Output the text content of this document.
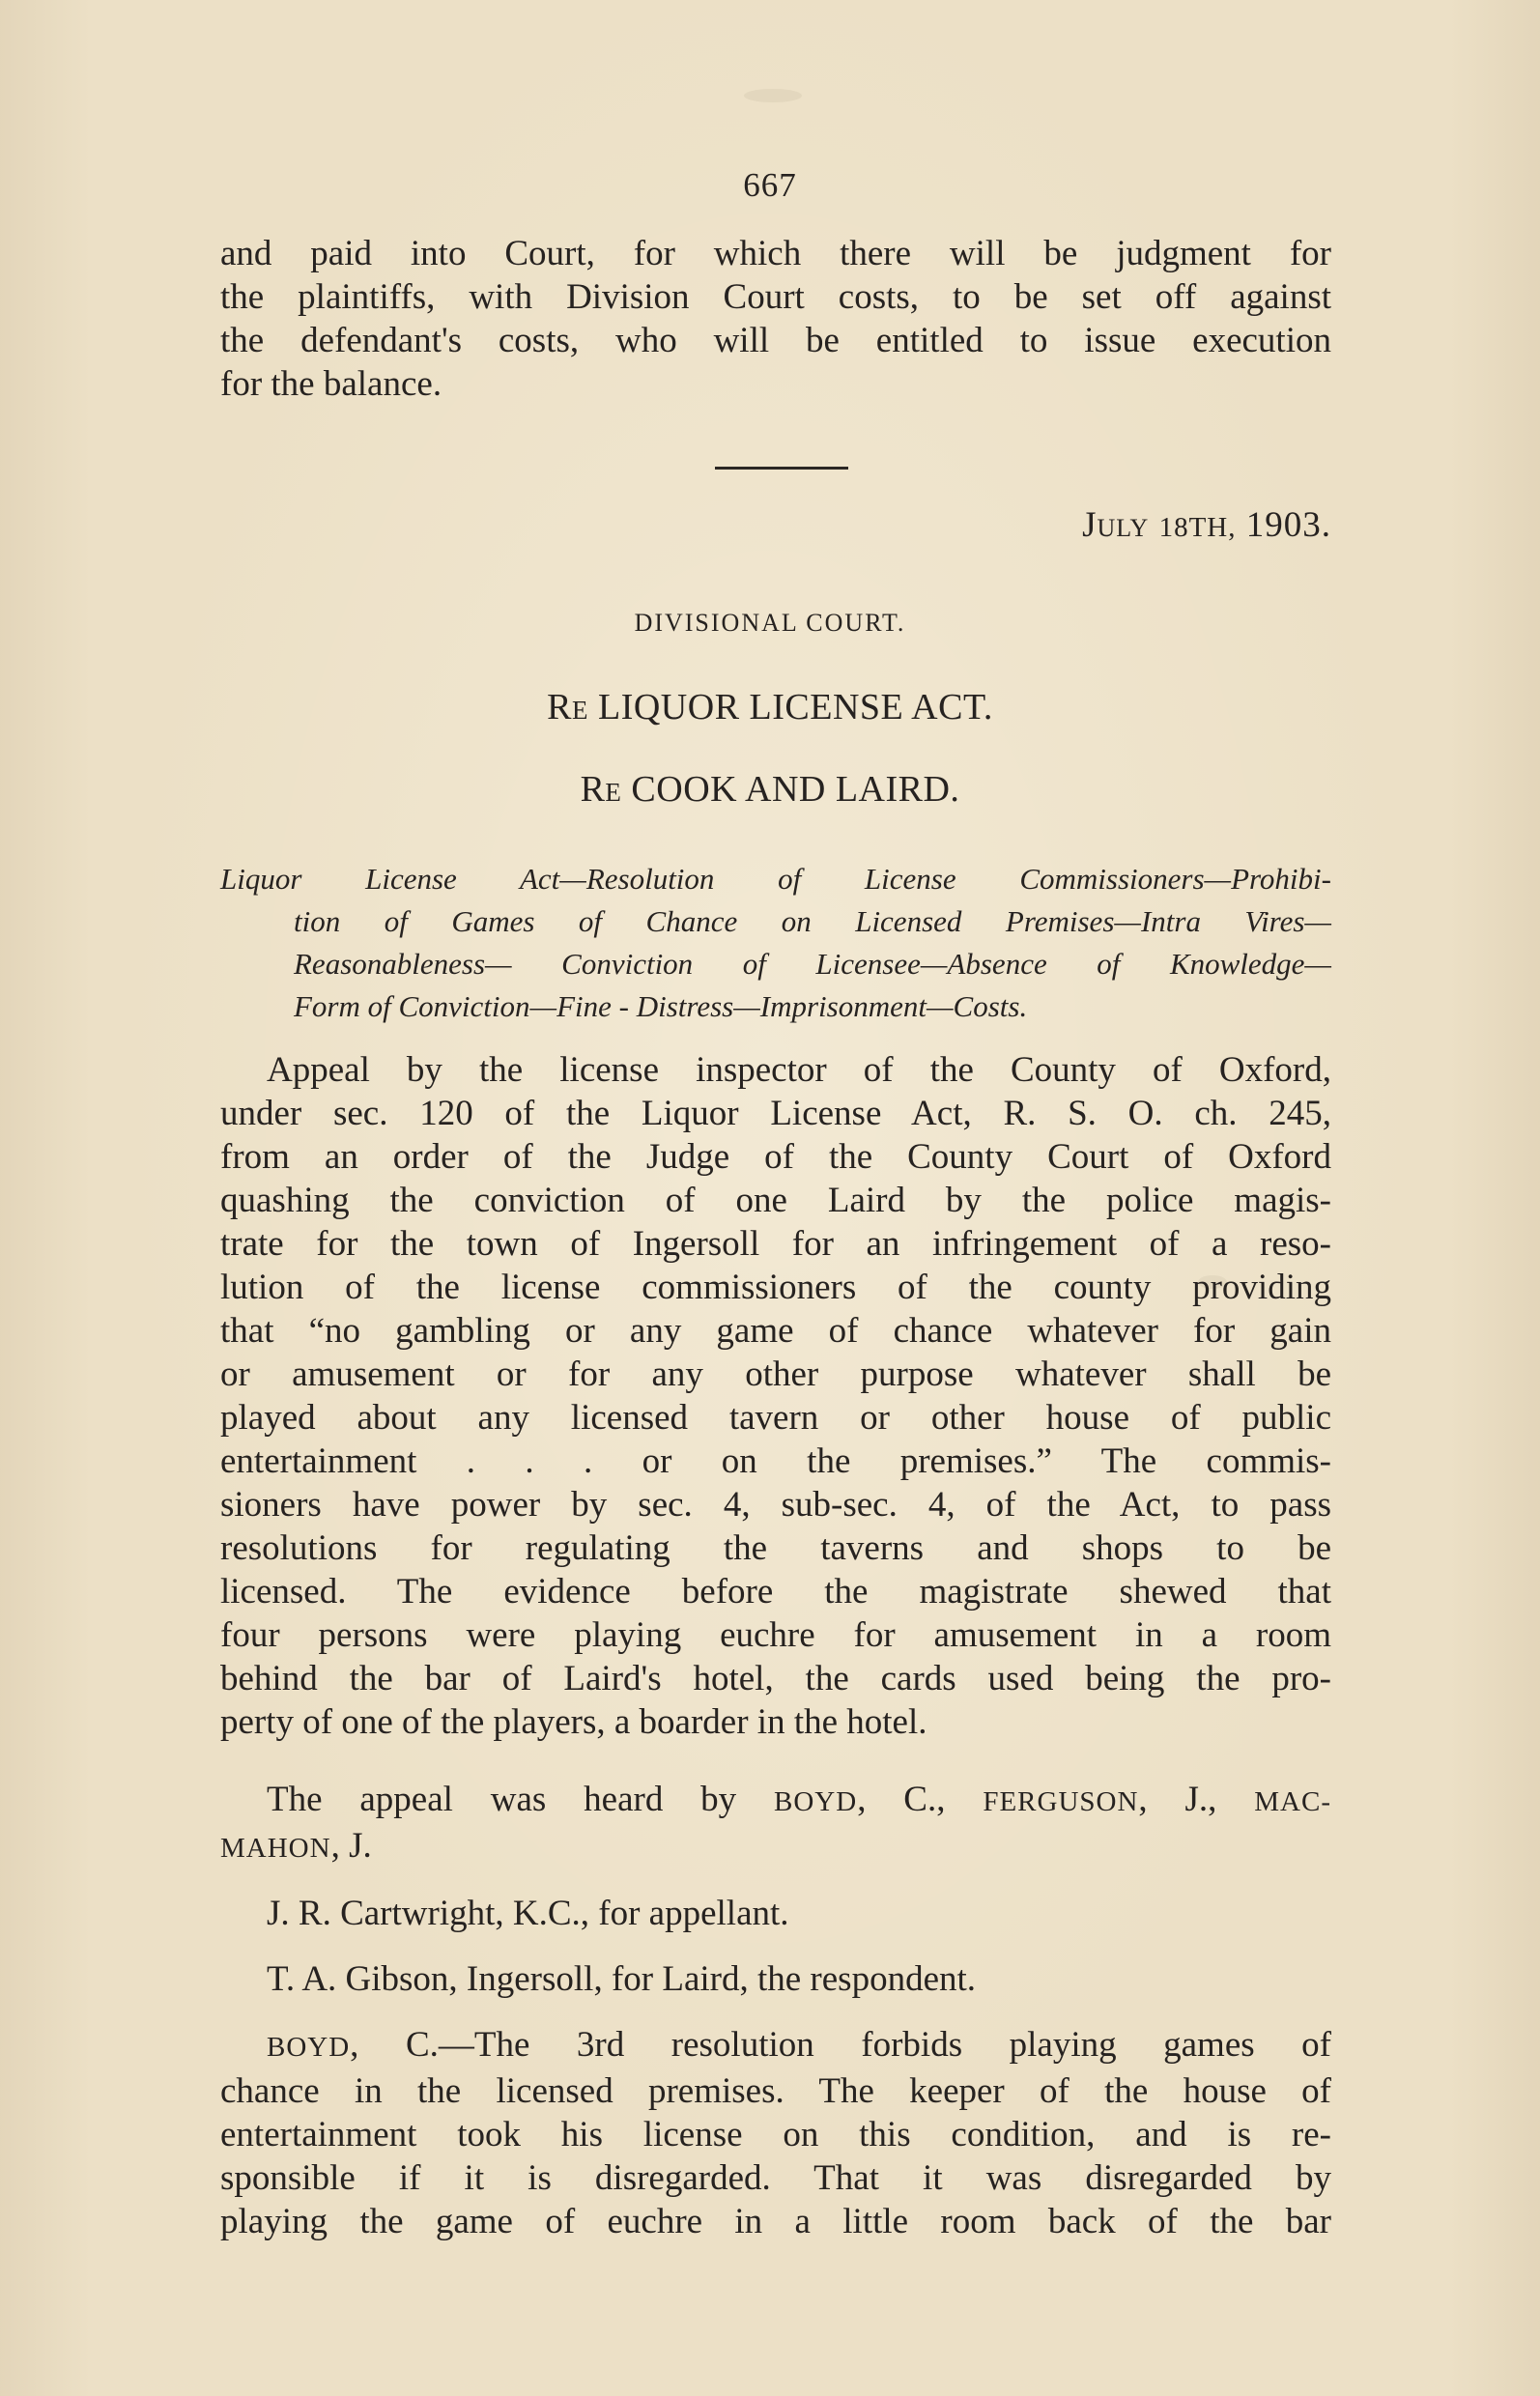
667
and paid into Court, for which there will be judgment for
the plaintiffs, with Division Court costs, to be set off against
the defendant's costs, who will be entitled to issue execution
for the balance.
July 18TH, 1903.
DIVISIONAL COURT.
Re LIQUOR LICENSE ACT.
Re COOK AND LAIRD.
Liquor License Act—Resolution of License Commissioners—Prohibi-
tion of Games of Chance on Licensed Premises—Intra Vires—
Reasonableness— Conviction of Licensee—Absence of Knowledge—
Form of Conviction—Fine - Distress—Imprisonment—Costs.
Appeal by the license inspector of the County of Oxford,
under sec. 120 of the Liquor License Act, R. S. O. ch. 245,
from an order of the Judge of the County Court of Oxford
quashing the conviction of one Laird by the police magis-
trate for the town of Ingersoll for an infringement of a reso-
lution of the license commissioners of the county providing
that “no gambling or any game of chance whatever for gain
or amusement or for any other purpose whatever shall be
played about any licensed tavern or other house of public
entertainment . . . or on the premises.” The commis-
sioners have power by sec. 4, sub-sec. 4, of the Act, to pass
resolutions for regulating the taverns and shops to be
licensed. The evidence before the magistrate shewed that
four persons were playing euchre for amusement in a room
behind the bar of Laird's hotel, the cards used being the pro-
perty of one of the players, a boarder in the hotel.
The appeal was heard by BOYD, C., FERGUSON, J., MAC-
MAHON, J.
J. R. Cartwright, K.C., for appellant.
T. A. Gibson, Ingersoll, for Laird, the respondent.
BOYD, C.—The 3rd resolution forbids playing games of
chance in the licensed premises. The keeper of the house of
entertainment took his license on this condition, and is re-
sponsible if it is disregarded. That it was disregarded by
playing the game of euchre in a little room back of the bar
